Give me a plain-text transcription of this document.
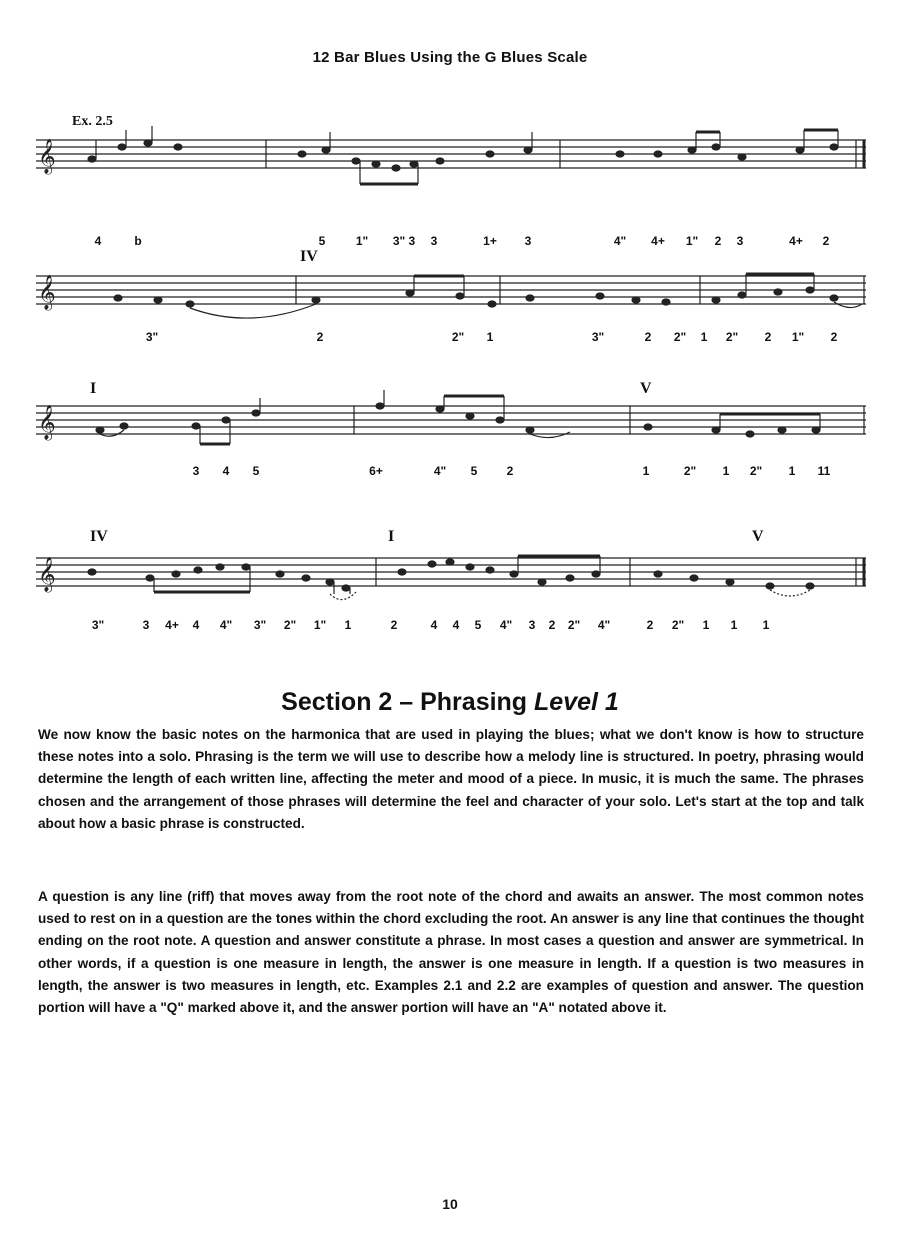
12 Bar Blues Using the G Blues Scale
𝄞
Ex. 2.5
4	b	5	1" 3" 3 3	1+ 3	4" 4+ 1" 2 3	4+ 2
𝄞
IV
3"	2	2" 1	3"	2 2" 1 2" 2 1" 2
𝄞
I	V
3 4 5	6+	4" 5 2	1	2" 1 2" 1 11
𝄞
IV	I	V
3"	3 4+ 4 4" 3" 2" 1" 1	2	4 4 5 4" 3 2 2" 4"	2 2" 1 1 1
Section 2 – Phrasing Level 1

We now know the basic notes on the harmonica that are used in playing the blues; what we don't know is how to structure these notes into a solo. Phrasing is the term we will use to describe how a melody line is structured. In poetry, phrasing would determine the length of each written line, affecting the meter and mood of a piece. In music, it is much the same. The phrases chosen and the arrangement of those phrases will determine the feel and character of your solo. Let's start at the top and talk about how a basic phrase is constructed.

A question is any line (riff) that moves away from the root note of the chord and awaits an answer. The most common notes used to rest on in a question are the tones within the chord excluding the root. An answer is any line that continues the thought ending on the root note. A question and answer constitute a phrase. In most cases a question and answer are symmetrical. In other words, if a question is one measure in length, the answer is one measure in length. If a question is two measures in length, the answer is two measures in length, etc. Examples 2.1 and 2.2 are examples of question and answer. The question portion will have a "Q" marked above it, and the answer portion will have an "A" notated above it.

10
